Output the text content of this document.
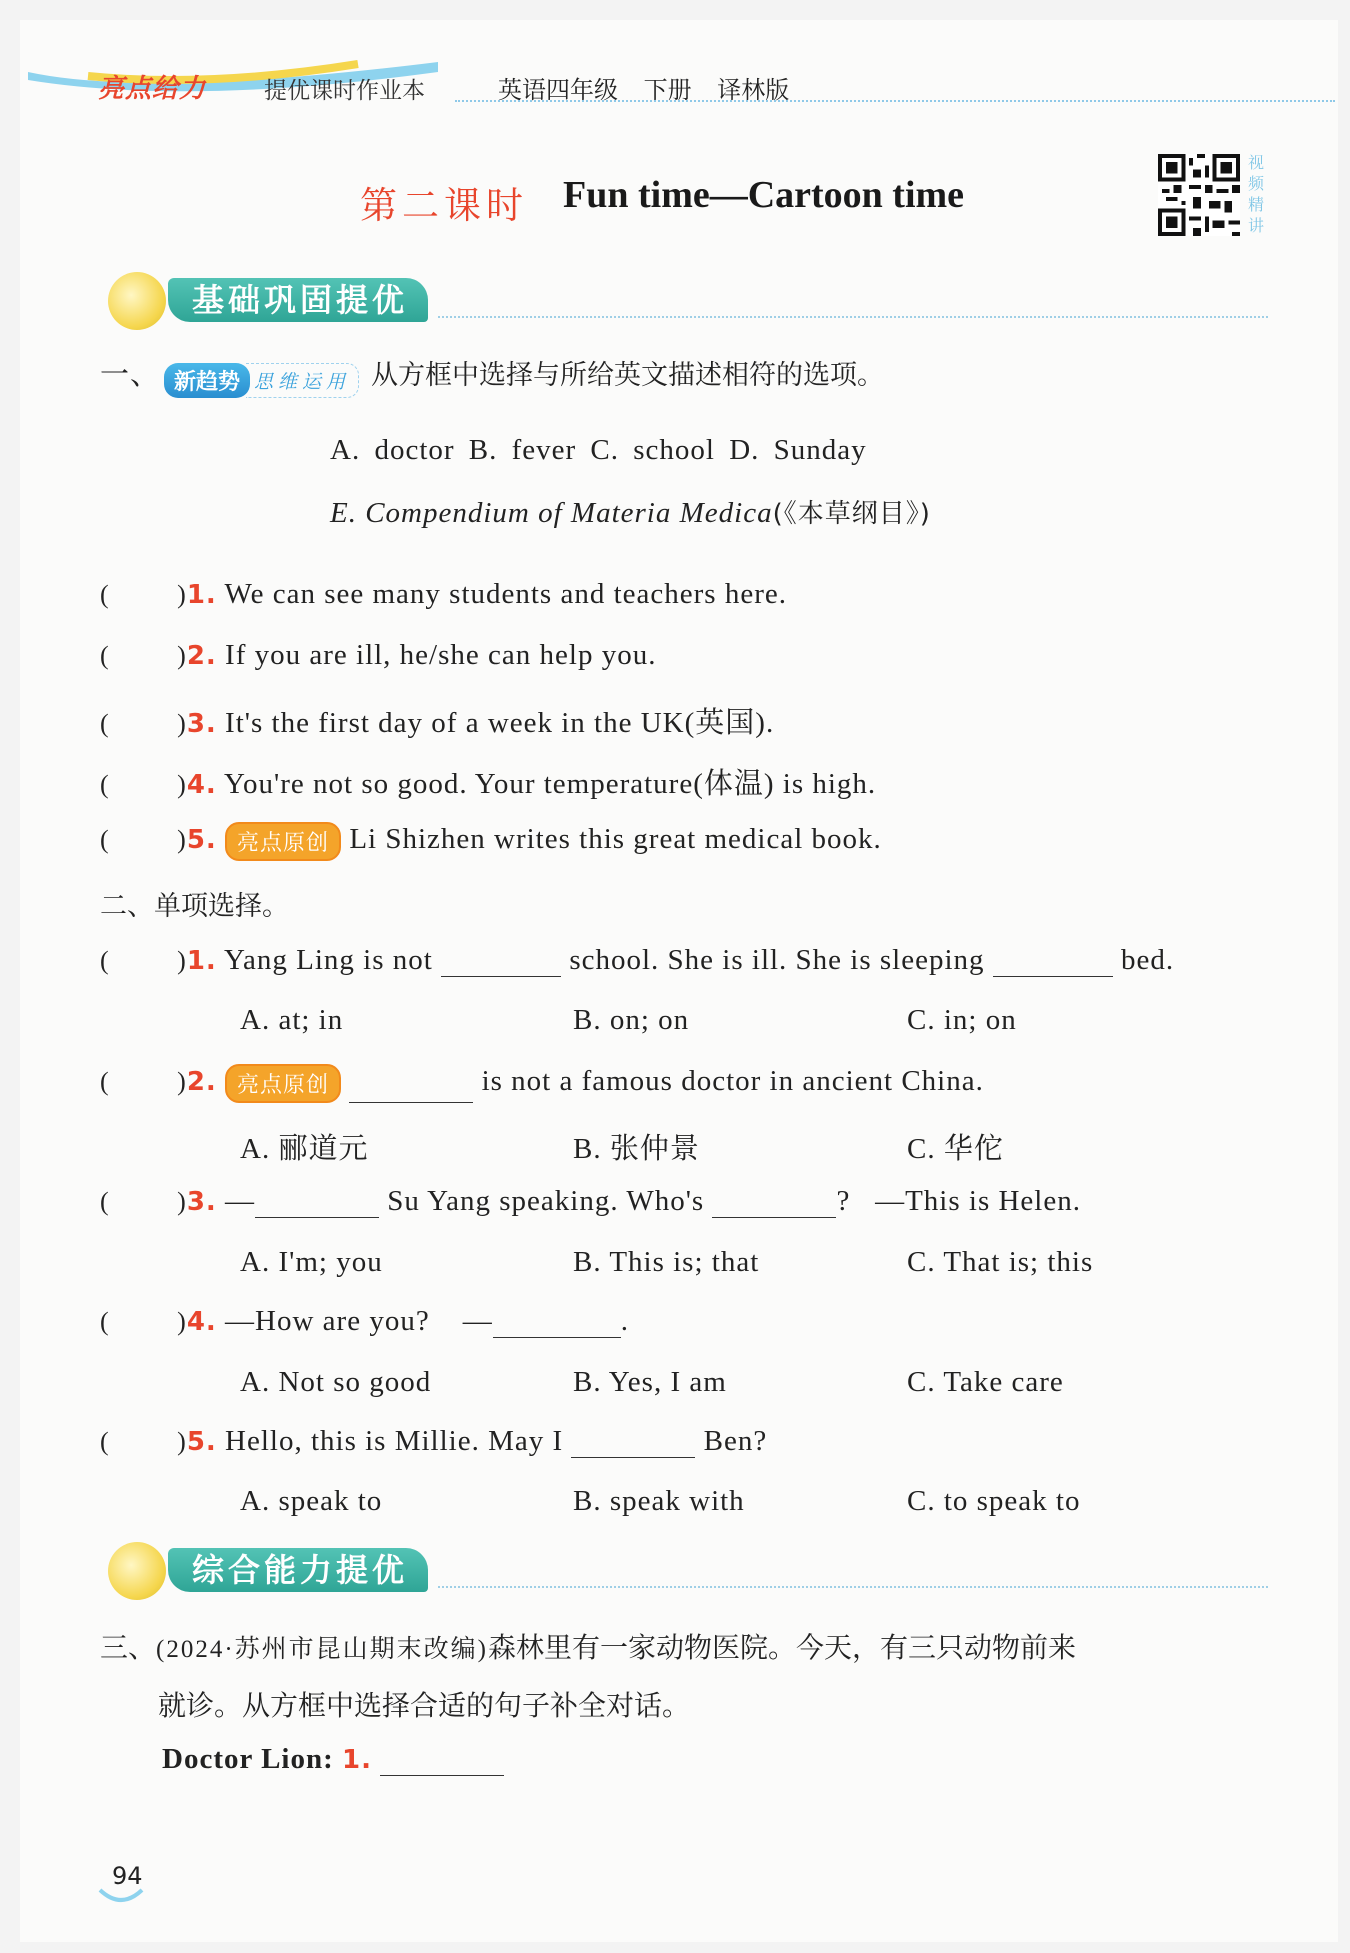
亮点给力	提优课时作业本	英语四年级 下册 译林版
第二课时 Fun time—Cartoon time
视频精讲
基础巩固提优
一、 新趋势 思维运用 从方框中选择与所给英文描述相符的选项。
A. doctor B. fever C. school D. Sunday
E. Compendium of Materia Medica(《本草纲目》)
(         )1. We can see many students and teachers here.
(         )2. If you are ill, he/she can help you.
(         )3. It's the first day of a week in the UK(英国).
(         )4. You're not so good. Your temperature(体温) is high.
(         )5. 亮点原创 Li Shizhen writes this great medical book.
二、单项选择。
(         )1. Yang Ling is not	school. She is ill. She is sleeping	bed.
A. at; in	B. on; on	C. in; on
(         )2. 亮点原创	is not a famous doctor in ancient China.
A. 郦道元	B. 张仲景	C. 华佗
(         )3. —	Su Yang speaking. Who's	? —This is Helen.
A. I'm; you	B. This is; that	C. That is; this
(         )4. —How are you? —	.
A. Not so good	B. Yes, I am	C. Take care
(         )5. Hello, this is Millie. May I	Ben?
A. speak to	B. speak with	C. to speak to
综合能力提优
三、(2024·苏州市昆山期末改编)森林里有一家动物医院。今天，有三只动物前来
就诊。从方框中选择合适的句子补全对话。
Doctor Lion: 1.
94
